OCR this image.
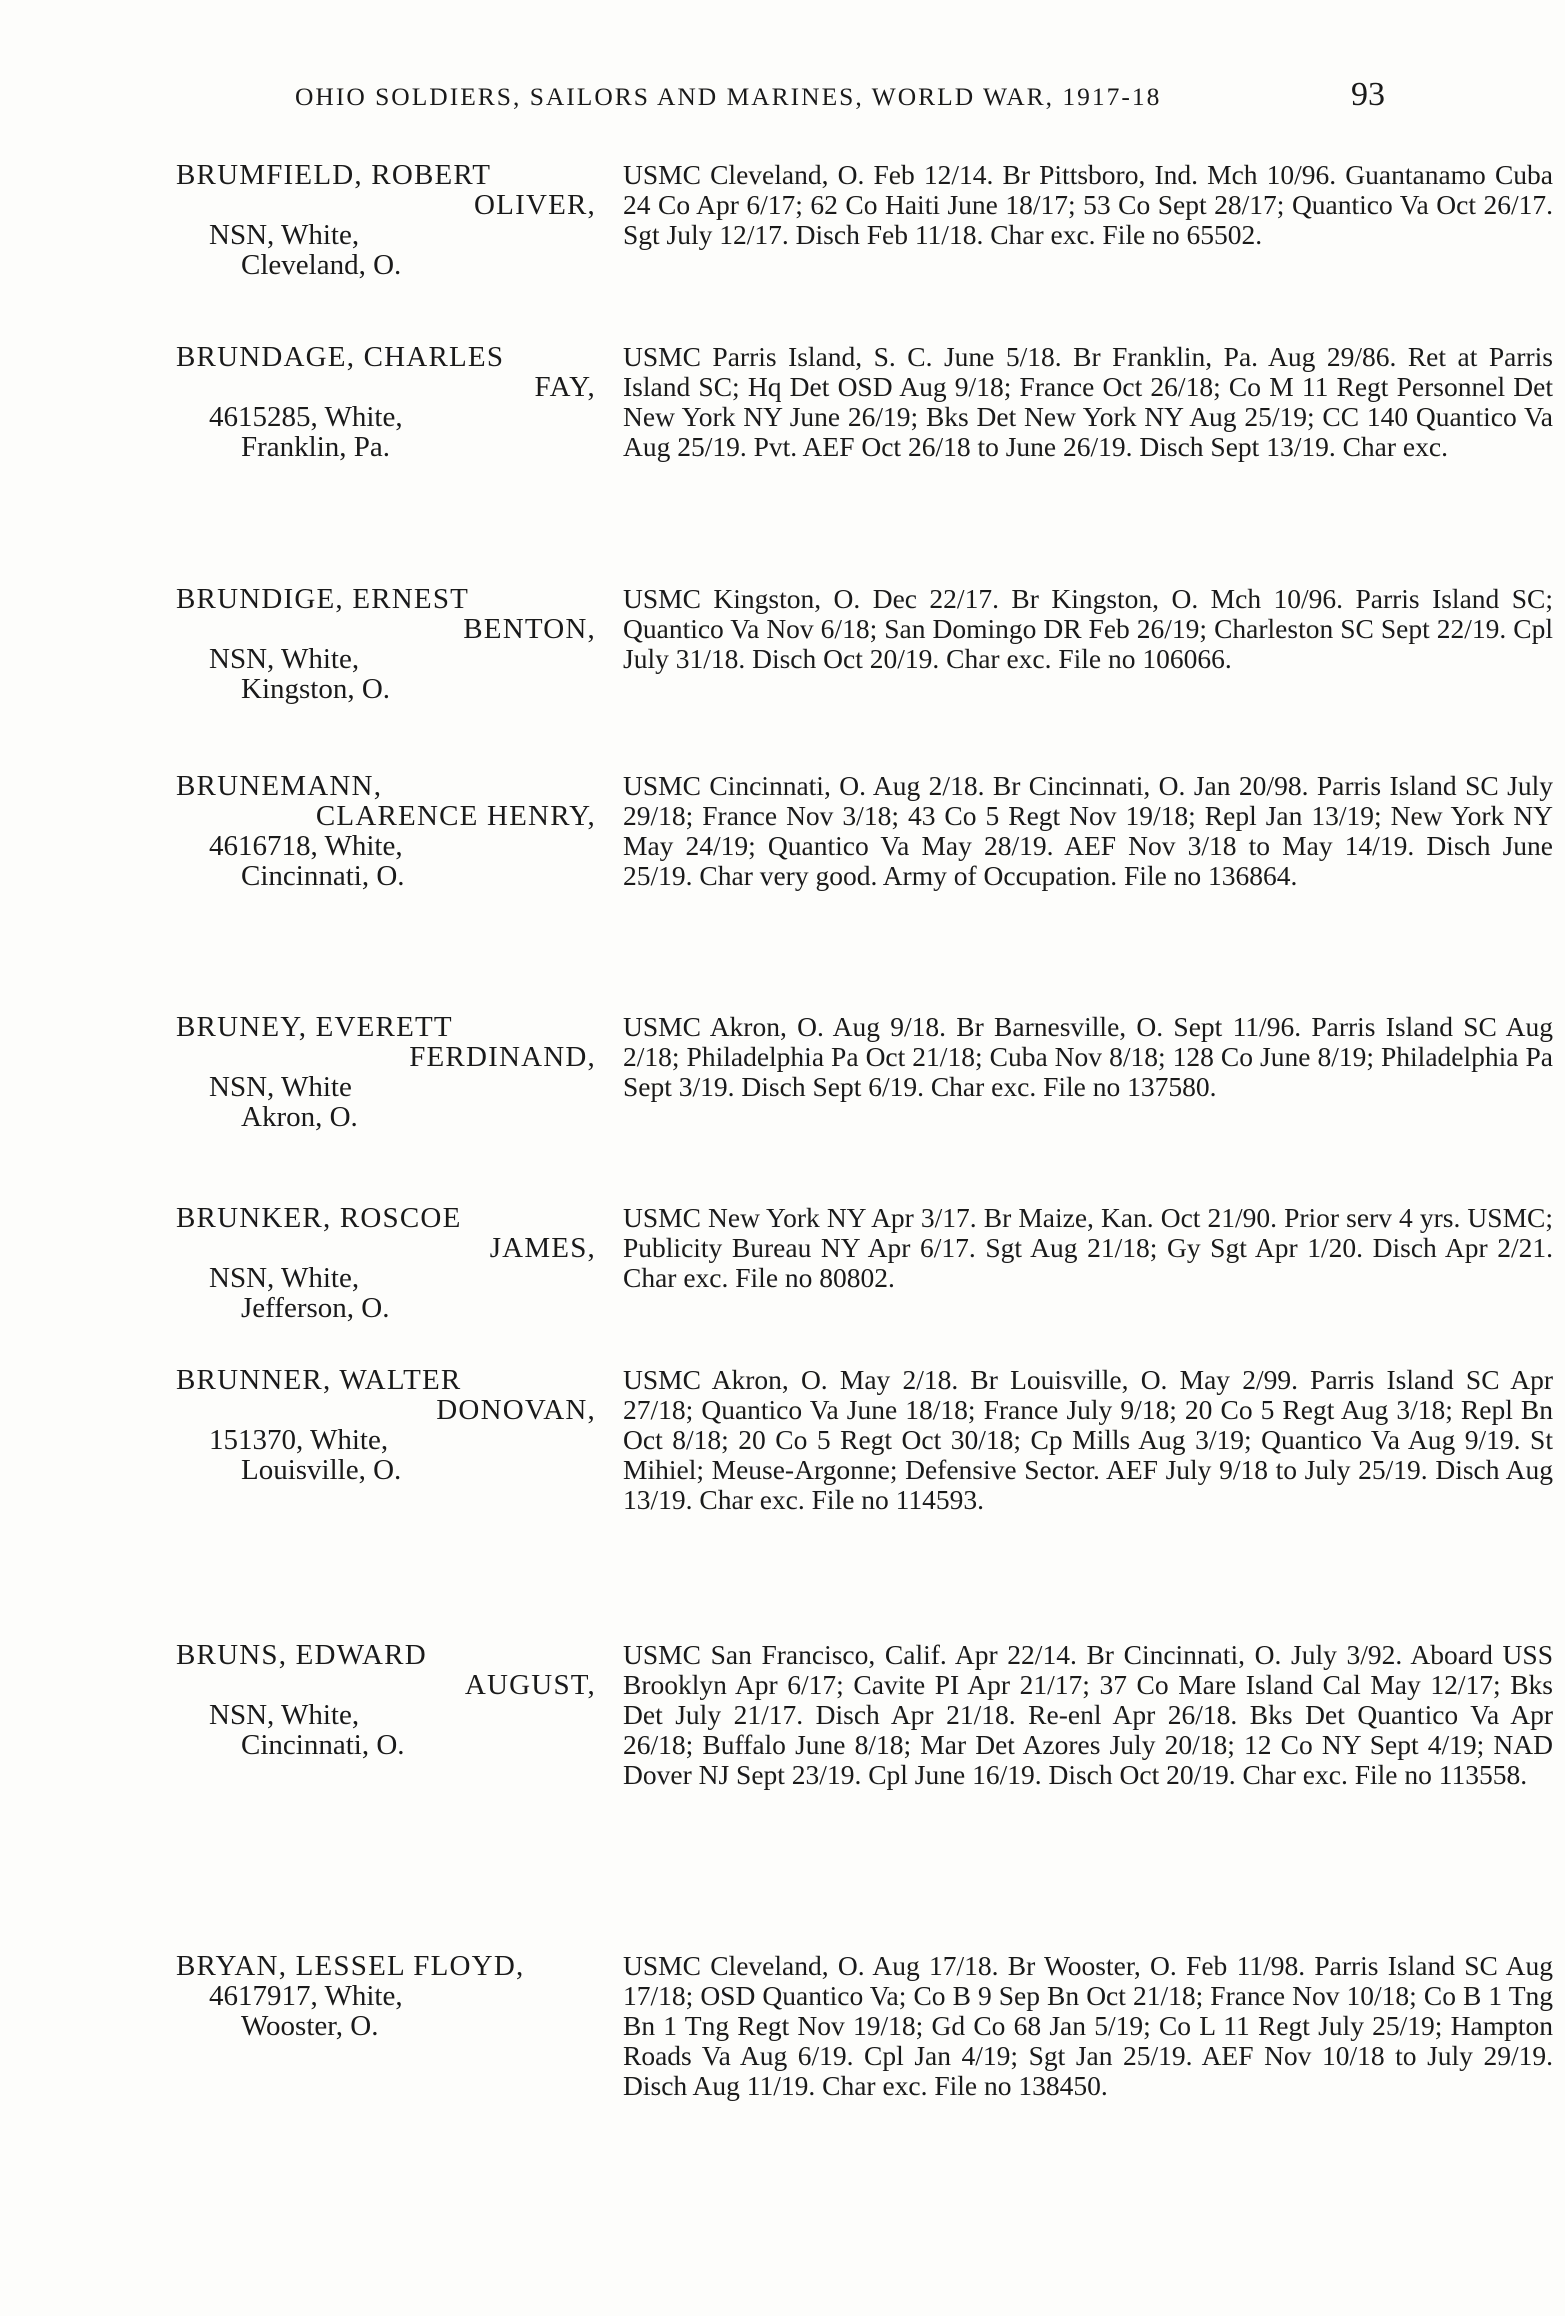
OHIO SOLDIERS, SAILORS AND MARINES, WORLD WAR, 1917-18	93
BRUMFIELD, ROBERT
OLIVER,
NSN, White,
Cleveland, O.

USMC Cleveland, O. Feb 12/14. Br Pittsboro, Ind. Mch 10/96. Guantanamo Cuba 24 Co Apr 6/17; 62 Co Haiti June 18/17; 53 Co Sept 28/17; Quantico Va Oct 26/17. Sgt July 12/17. Disch Feb 11/18. Char exc. File no 65502.

BRUNDAGE, CHARLES
FAY,
4615285, White,
Franklin, Pa.

USMC Parris Island, S. C. June 5/18. Br Franklin, Pa. Aug 29/86. Ret at Parris Island SC; Hq Det OSD Aug 9/18; France Oct 26/18; Co M 11 Regt Personnel Det New York NY June 26/19; Bks Det New York NY Aug 25/19; CC 140 Quantico Va Aug 25/19. Pvt. AEF Oct 26/18 to June 26/19. Disch Sept 13/19. Char exc.

BRUNDIGE, ERNEST
BENTON,
NSN, White,
Kingston, O.

USMC Kingston, O. Dec 22/17. Br Kingston, O. Mch 10/96. Parris Island SC; Quantico Va Nov 6/18; San Domingo DR Feb 26/19; Charleston SC Sept 22/19. Cpl July 31/18. Disch Oct 20/19. Char exc. File no 106066.

BRUNEMANN,
CLARENCE HENRY,
4616718, White,
Cincinnati, O.

USMC Cincinnati, O. Aug 2/18. Br Cincinnati, O. Jan 20/98. Parris Island SC July 29/18; France Nov 3/18; 43 Co 5 Regt Nov 19/18; Repl Jan 13/19; New York NY May 24/19; Quantico Va May 28/19. AEF Nov 3/18 to May 14/19. Disch June 25/19. Char very good. Army of Occupation. File no 136864.

BRUNEY, EVERETT
FERDINAND,
NSN, White
Akron, O.

USMC Akron, O. Aug 9/18. Br Barnesville, O. Sept 11/96. Parris Island SC Aug 2/18; Philadelphia Pa Oct 21/18; Cuba Nov 8/18; 128 Co June 8/19; Philadelphia Pa Sept 3/19. Disch Sept 6/19. Char exc. File no 137580.

BRUNKER, ROSCOE
JAMES,
NSN, White,
Jefferson, O.

USMC New York NY Apr 3/17. Br Maize, Kan. Oct 21/90. Prior serv 4 yrs. USMC; Publicity Bureau NY Apr 6/17. Sgt Aug 21/18; Gy Sgt Apr 1/20. Disch Apr 2/21. Char exc. File no 80802.

BRUNNER, WALTER
DONOVAN,
151370, White,
Louisville, O.

USMC Akron, O. May 2/18. Br Louisville, O. May 2/99. Parris Island SC Apr 27/18; Quantico Va June 18/18; France July 9/18; 20 Co 5 Regt Aug 3/18; Repl Bn Oct 8/18; 20 Co 5 Regt Oct 30/18; Cp Mills Aug 3/19; Quantico Va Aug 9/19. St Mihiel; Meuse-Argonne; Defensive Sector. AEF July 9/18 to July 25/19. Disch Aug 13/19. Char exc. File no 114593.

BRUNS, EDWARD
AUGUST,
NSN, White,
Cincinnati, O.

USMC San Francisco, Calif. Apr 22/14. Br Cincinnati, O. July 3/92. Aboard USS Brooklyn Apr 6/17; Cavite PI Apr 21/17; 37 Co Mare Island Cal May 12/17; Bks Det July 21/17. Disch Apr 21/18. Re-enl Apr 26/18. Bks Det Quantico Va Apr 26/18; Buffalo June 8/18; Mar Det Azores July 20/18; 12 Co NY Sept 4/19; NAD Dover NJ Sept 23/19. Cpl June 16/19. Disch Oct 20/19. Char exc. File no 113558.

BRYAN, LESSEL FLOYD,
4617917, White,
Wooster, O.

USMC Cleveland, O. Aug 17/18. Br Wooster, O. Feb 11/98. Parris Island SC Aug 17/18; OSD Quantico Va; Co B 9 Sep Bn Oct 21/18; France Nov 10/18; Co B 1 Tng Bn 1 Tng Regt Nov 19/18; Gd Co 68 Jan 5/19; Co L 11 Regt July 25/19; Hampton Roads Va Aug 6/19. Cpl Jan 4/19; Sgt Jan 25/19. AEF Nov 10/18 to July 29/19. Disch Aug 11/19. Char exc. File no 138450.
